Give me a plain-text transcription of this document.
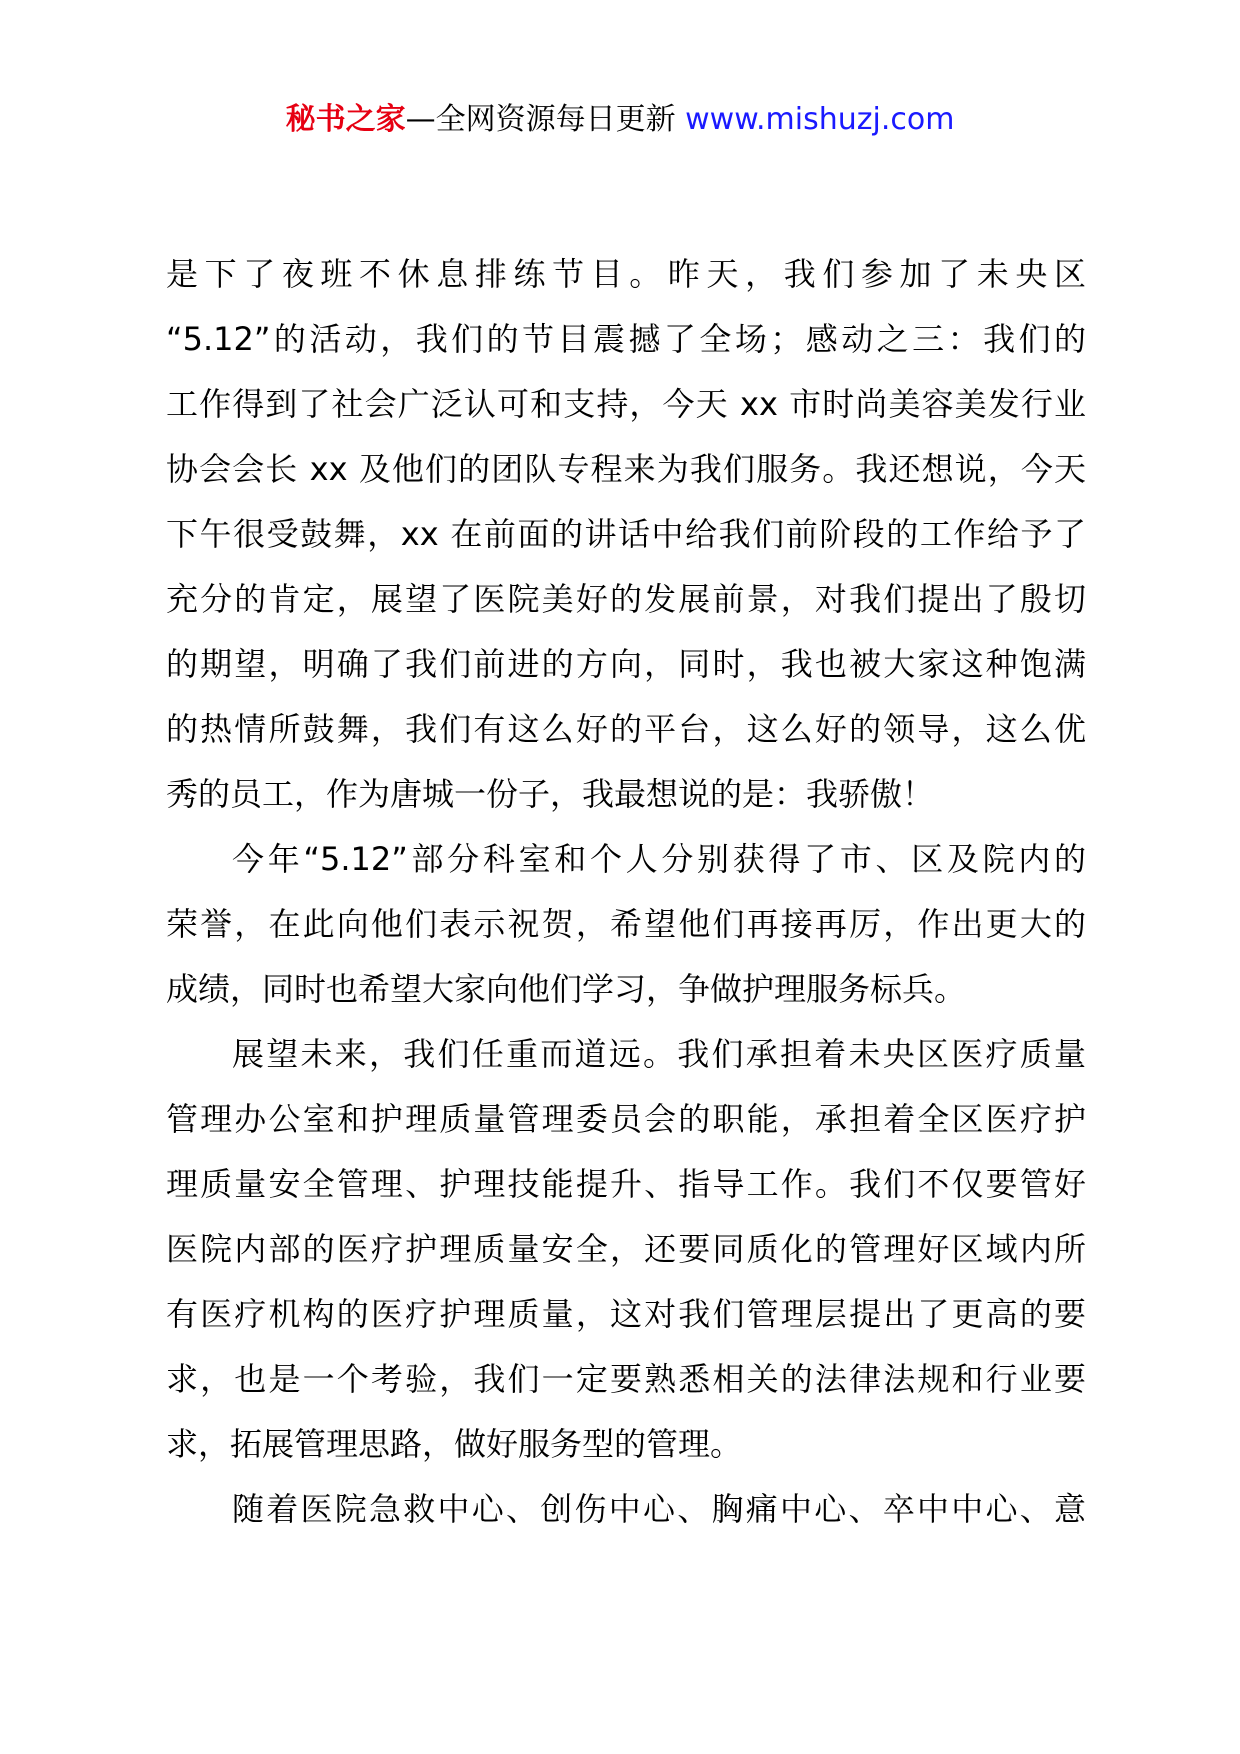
秘书之家—全网资源每日更新 www.mishuzj.com
是下了夜班不休息排练节目。昨天，我们参加了未央区
“5.12”的活动，我们的节目震撼了全场；感动之三：我们的
工作得到了社会广泛认可和支持，今天 xx 市时尚美容美发行业
协会会长 xx 及他们的团队专程来为我们服务。我还想说，今天
下午很受鼓舞，xx 在前面的讲话中给我们前阶段的工作给予了
充分的肯定，展望了医院美好的发展前景，对我们提出了殷切
的期望，明确了我们前进的方向，同时，我也被大家这种饱满
的热情所鼓舞，我们有这么好的平台，这么好的领导，这么优
秀的员工，作为唐城一份子，我最想说的是：我骄傲！
今年“5.12”部分科室和个人分别获得了市、区及院内的
荣誉，在此向他们表示祝贺，希望他们再接再厉，作出更大的
成绩，同时也希望大家向他们学习，争做护理服务标兵。
展望未来，我们任重而道远。我们承担着未央区医疗质量
管理办公室和护理质量管理委员会的职能，承担着全区医疗护
理质量安全管理、护理技能提升、指导工作。我们不仅要管好
医院内部的医疗护理质量安全，还要同质化的管理好区域内所
有医疗机构的医疗护理质量，这对我们管理层提出了更高的要
求，也是一个考验，我们一定要熟悉相关的法律法规和行业要
求，拓展管理思路，做好服务型的管理。
随着医院急救中心、创伤中心、胸痛中心、卒中中心、意
